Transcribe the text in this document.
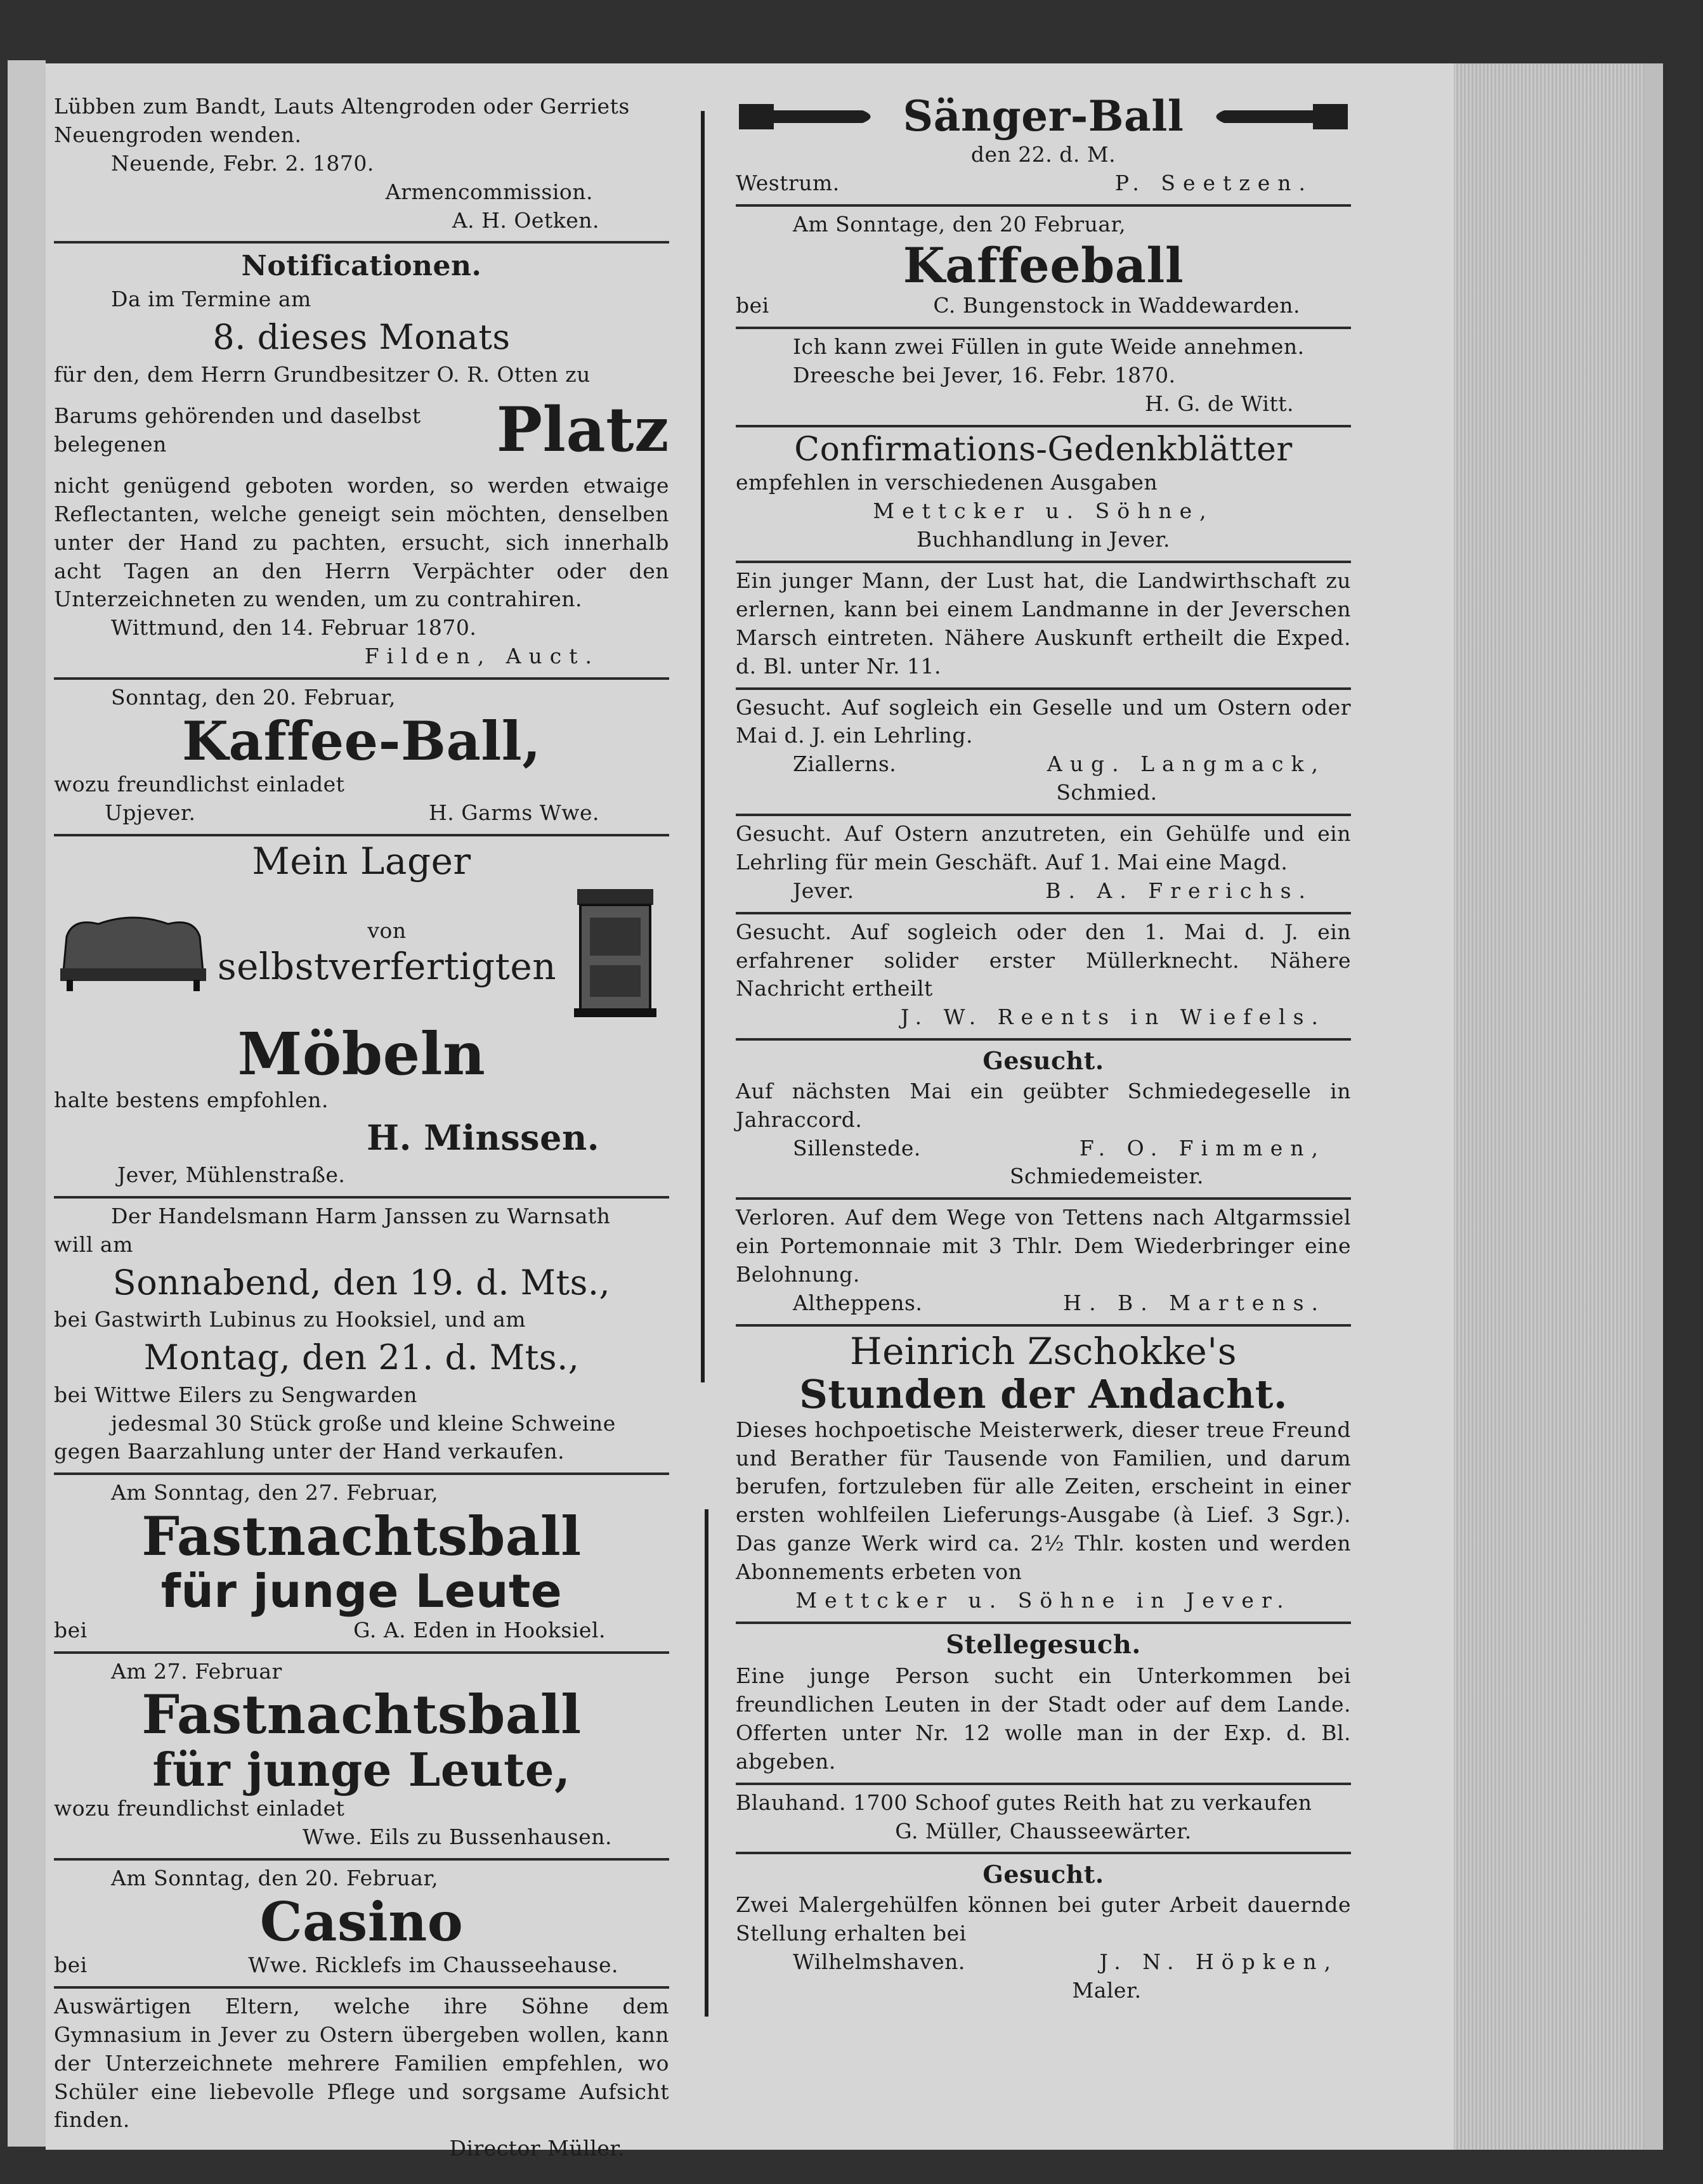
Lübben zum Bandt, Lauts Altengroden oder Gerriets

Neuengroden wenden.

Neuende, Febr. 2. 1870.

Armencommission.

A. H. Oetken.

Notificationen.

Da im Termine am

8. dieses Monats

für den, dem Herrn Grundbesitzer O. R. Otten zu

Barums gehörenden und daselbst belegenen	Platz

nicht genügend geboten worden, so werden etwaige Reflectanten, welche geneigt sein möchten, denselben unter der Hand zu pachten, ersucht, sich innerhalb acht Tagen an den Herrn Verpächter oder den Unterzeichneten zu wenden, um zu contrahiren.

Wittmund, den 14. Februar 1870.

Filden, Auct.

Sonntag, den 20. Februar,

Kaffee-Ball,

wozu freundlichst einladet

Upjever.	H. Garms Wwe.

Mein Lager

von

selbstverfertigten

Möbeln

halte bestens empfohlen.

H. Minssen.

Jever, Mühlenstraße.

Der Handelsmann Harm Janssen zu Warnsath

will am

Sonnabend, den 19. d. Mts.,

bei Gastwirth Lubinus zu Hooksiel, und am

Montag, den 21. d. Mts.,

bei Wittwe Eilers zu Sengwarden

jedesmal 30 Stück große und kleine Schweine

gegen Baarzahlung unter der Hand verkaufen.

Am Sonntag, den 27. Februar,

Fastnachtsball

für junge Leute

bei	G. A. Eden in Hooksiel.

Am 27. Februar

Fastnachtsball

für junge Leute,

wozu freundlichst einladet

Wwe. Eils zu Bussenhausen.

Am Sonntag, den 20. Februar,

Casino

bei	Wwe. Ricklefs im Chausseehause.

Auswärtigen Eltern, welche ihre Söhne dem Gymnasium in Jever zu Ostern übergeben wollen, kann der Unterzeichnete mehrere Familien empfehlen, wo Schüler eine liebevolle Pflege und sorgsame Aufsicht finden.

Director Müller.

Sänger-Ball

den 22. d. M.

Westrum.	P. Seetzen.

Am Sonntage, den 20 Februar,

Kaffeeball

bei	C. Bungenstock in Waddewarden.

Ich kann zwei Füllen in gute Weide annehmen.

Dreesche bei Jever, 16. Febr. 1870.

H. G. de Witt.

Confirmations-Gedenkblätter

empfehlen in verschiedenen Ausgaben

Mettcker u. Söhne,

Buchhandlung in Jever.

Ein junger Mann, der Lust hat, die Landwirthschaft zu erlernen, kann bei einem Landmanne in der Jeverschen Marsch eintreten. Nähere Auskunft ertheilt die Exped. d. Bl. unter Nr. 11.

Gesucht. Auf sogleich ein Geselle und um Ostern oder Mai d. J. ein Lehrling.

Ziallerns.	Aug. Langmack,

Schmied.

Gesucht. Auf Ostern anzutreten, ein Gehülfe und ein Lehrling für mein Geschäft. Auf 1. Mai eine Magd.

Jever.	B. A. Frerichs.

Gesucht. Auf sogleich oder den 1. Mai d. J. ein erfahrener solider erster Müllerknecht. Nähere Nachricht ertheilt

J. W. Reents in Wiefels.

Gesucht.

Auf nächsten Mai ein geübter Schmiedegeselle in Jahraccord.

Sillenstede.	F. O. Fimmen,

Schmiedemeister.

Verloren. Auf dem Wege von Tettens nach Altgarmssiel ein Portemonnaie mit 3 Thlr. Dem Wiederbringer eine Belohnung.

Altheppens.	H. B. Martens.

Heinrich Zschokke's

Stunden der Andacht.

Dieses hochpoetische Meisterwerk, dieser treue Freund und Berather für Tausende von Familien, und darum berufen, fortzuleben für alle Zeiten, erscheint in einer ersten wohlfeilen Lieferungs-Ausgabe (à Lief. 3 Sgr.). Das ganze Werk wird ca. 2½ Thlr. kosten und werden Abonnements erbeten von

Mettcker u. Söhne in Jever.

Stellegesuch.

Eine junge Person sucht ein Unterkommen bei freundlichen Leuten in der Stadt oder auf dem Lande. Offerten unter Nr. 12 wolle man in der Exp. d. Bl. abgeben.

Blauhand. 1700 Schoof gutes Reith hat zu verkaufen

G. Müller, Chausseewärter.

Gesucht.

Zwei Malergehülfen können bei guter Arbeit dauernde Stellung erhalten bei

Wilhelmshaven.	J. N. Höpken,

Maler.
